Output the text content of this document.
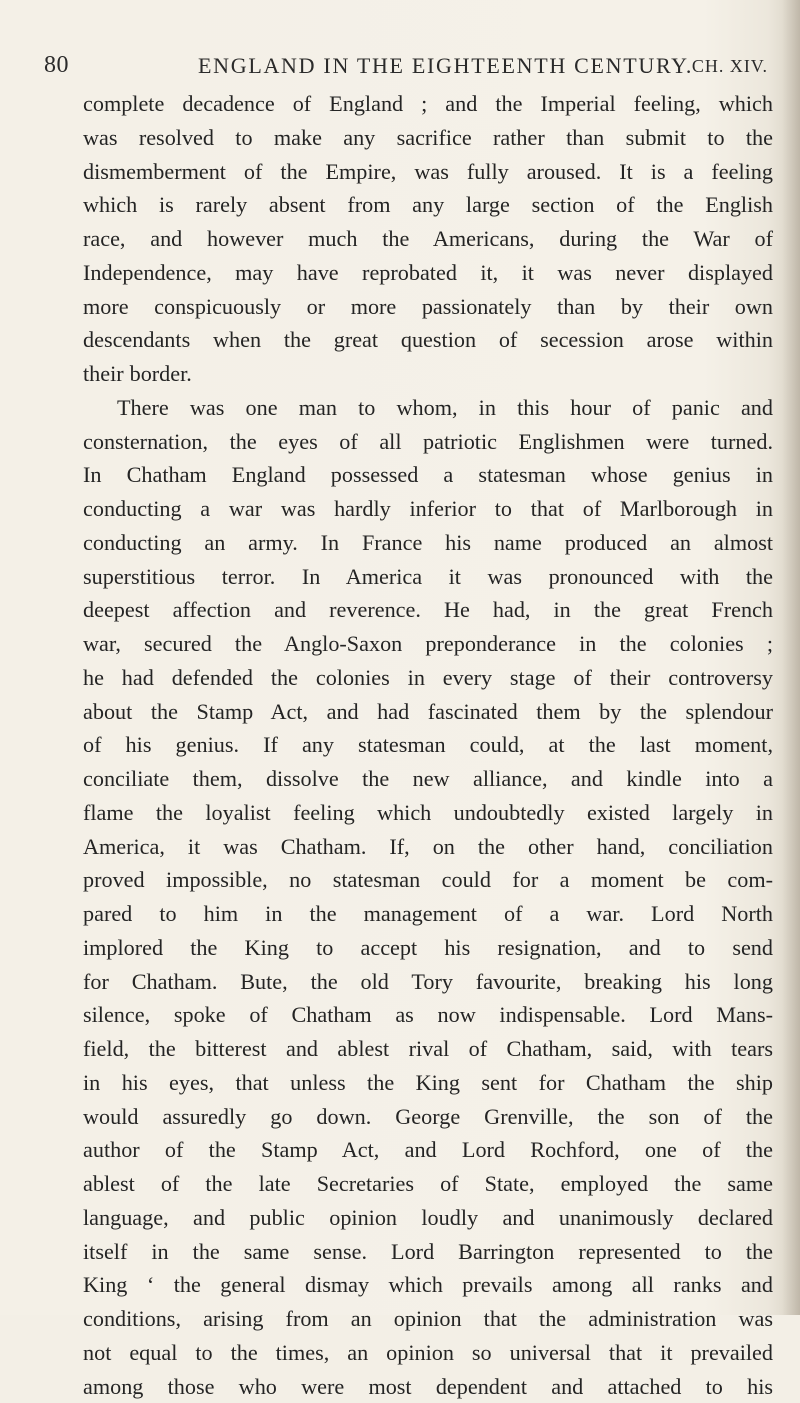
80	ENGLAND IN THE EIGHTEENTH CENTURY.
CH. XIV.
complete decadence of England ; and the Imperial feeling, which
was resolved to make any sacrifice rather than submit to the
dismemberment of the Empire, was fully aroused. It is a feeling
which is rarely absent from any large section of the English
race, and however much the Americans, during the War of
Independence, may have reprobated it, it was never displayed
more conspicuously or more passionately than by their own
descendants when the great question of secession arose within
their border.
There was one man to whom, in this hour of panic and
consternation, the eyes of all patriotic Englishmen were turned.
In Chatham England possessed a statesman whose genius in
conducting a war was hardly inferior to that of Marlborough in
conducting an army. In France his name produced an almost
superstitious terror. In America it was pronounced with the
deepest affection and reverence. He had, in the great French
war, secured the Anglo-Saxon preponderance in the colonies ;
he had defended the colonies in every stage of their controversy
about the Stamp Act, and had fascinated them by the splendour
of his genius. If any statesman could, at the last moment,
conciliate them, dissolve the new alliance, and kindle into a
flame the loyalist feeling which undoubtedly existed largely in
America, it was Chatham. If, on the other hand, conciliation
proved impossible, no statesman could for a moment be com-
pared to him in the management of a war. Lord North
implored the King to accept his resignation, and to send
for Chatham. Bute, the old Tory favourite, breaking his long
silence, spoke of Chatham as now indispensable. Lord Mans-
field, the bitterest and ablest rival of Chatham, said, with tears
in his eyes, that unless the King sent for Chatham the ship
would assuredly go down. George Grenville, the son of the
author of the Stamp Act, and Lord Rochford, one of the
ablest of the late Secretaries of State, employed the same
language, and public opinion loudly and unanimously declared
itself in the same sense. Lord Barrington represented to the
King ‘ the general dismay which prevails among all ranks and
conditions, arising from an opinion that the administration was
not equal to the times, an opinion so universal that it prevailed
among those who were most dependent and attached to his
